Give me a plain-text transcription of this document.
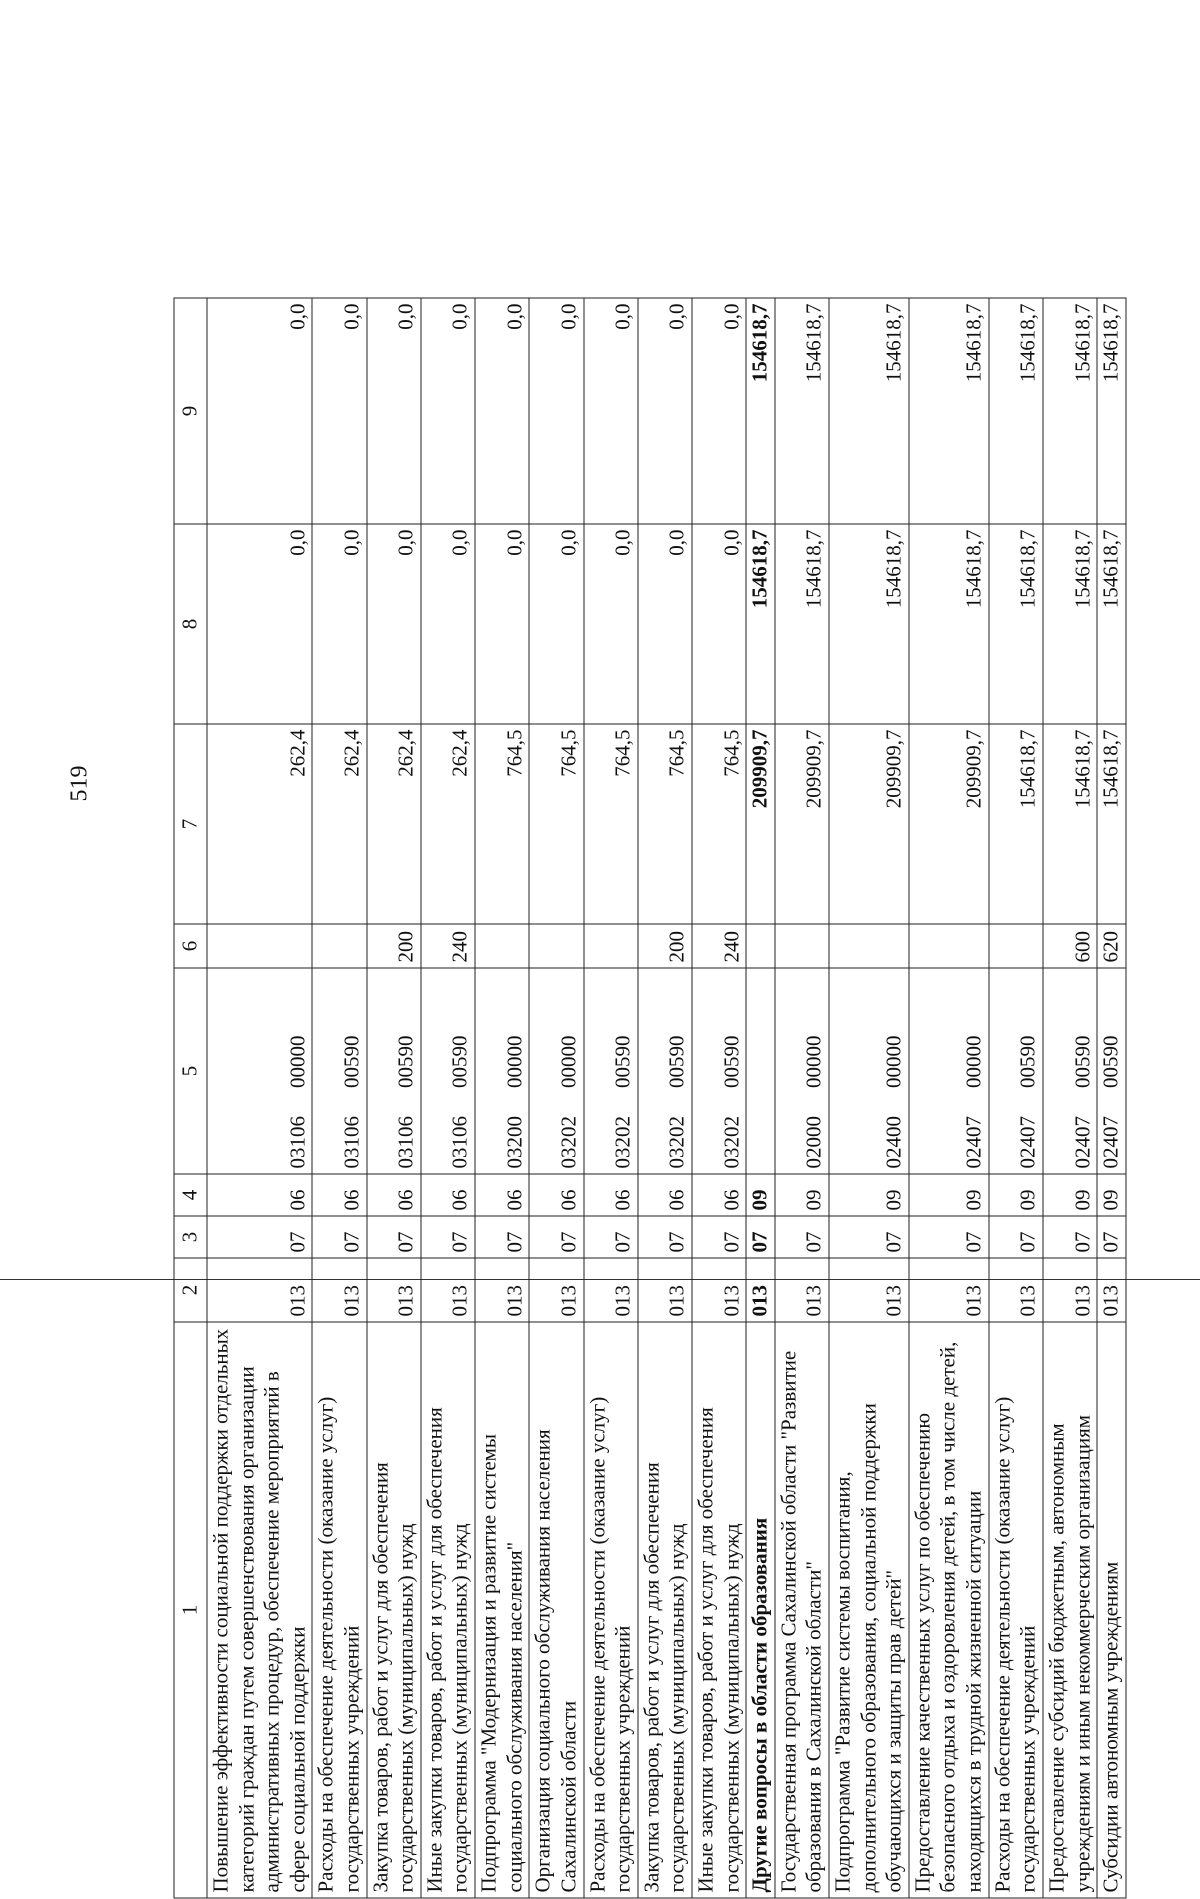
519
1	2	3	4	5	6	7	8	9
Повышение эффективности социальной поддержки отдельных категорий граждан путем совершенствования организации административных процедур, обеспечение мероприятий в сфере социальной поддержки	013	07	06	0310600000		262,4	0,0	0,0
Расходы на обеспечение деятельности (оказание услуг) государственных учреждений	013	07	06	0310600590		262,4	0,0	0,0
Закупка товаров, работ и услуг для обеспечения государственных (муниципальных) нужд	013	07	06	0310600590	200	262,4	0,0	0,0
Иные закупки товаров, работ и услуг для обеспечения государственных (муниципальных) нужд	013	07	06	0310600590	240	262,4	0,0	0,0
Подпрограмма "Модернизация и развитие системы социального обслуживания населения"	013	07	06	0320000000		764,5	0,0	0,0
Организация социального обслуживания населения Сахалинской области	013	07	06	0320200000		764,5	0,0	0,0
Расходы на обеспечение деятельности (оказание услуг) государственных учреждений	013	07	06	0320200590		764,5	0,0	0,0
Закупка товаров, работ и услуг для обеспечения государственных (муниципальных) нужд	013	07	06	0320200590	200	764,5	0,0	0,0
Иные закупки товаров, работ и услуг для обеспечения государственных (муниципальных) нужд	013	07	06	0320200590	240	764,5	0,0	0,0
Другие вопросы в области образования	013	07	09			209909,7	154618,7	154618,7
Государственная программа Сахалинской области "Развитие образования в Сахалинской области"	013	07	09	0200000000		209909,7	154618,7	154618,7
Подпрограмма "Развитие системы воспитания, дополнительного образования, социальной поддержки обучающихся и защиты прав детей"	013	07	09	0240000000		209909,7	154618,7	154618,7
Предоставление качественных услуг по обеспечению безопасного отдыха и оздоровления детей, в том числе детей, находящихся в трудной жизненной ситуации	013	07	09	0240700000		209909,7	154618,7	154618,7
Расходы на обеспечение деятельности (оказание услуг) государственных учреждений	013	07	09	0240700590		154618,7	154618,7	154618,7
Предоставление субсидий бюджетным, автономным учреждениям и иным некоммерческим организациям	013	07	09	0240700590	600	154618,7	154618,7	154618,7
Субсидии автономным учреждениям	013	07	09	0240700590	620	154618,7	154618,7	154618,7
